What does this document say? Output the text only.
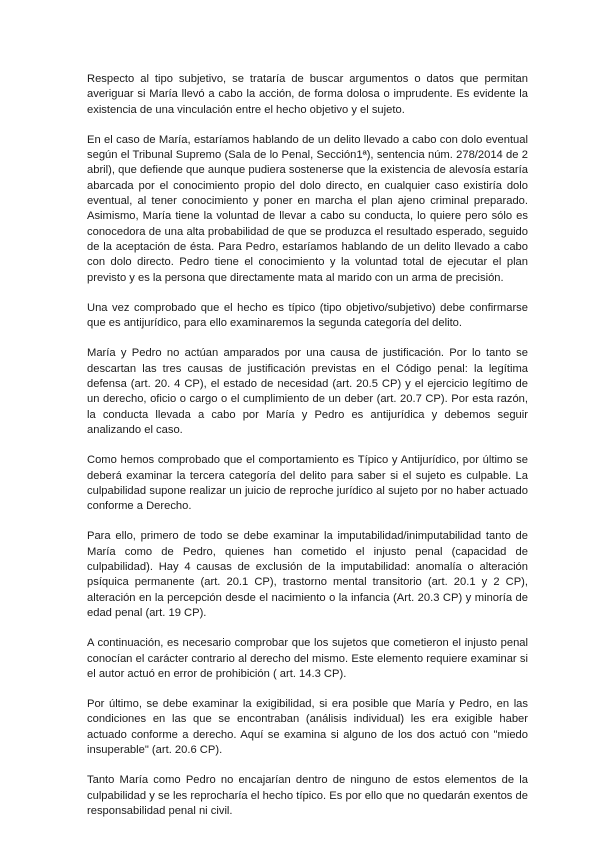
Respecto al tipo subjetivo, se trataría de buscar argumentos o datos que permitan averiguar si María llevó a cabo la acción, de forma dolosa o imprudente. Es evidente la existencia de una vinculación entre el hecho objetivo y el sujeto.

En el caso de María, estaríamos hablando de un delito llevado a cabo con dolo eventual según el Tribunal Supremo (Sala de lo Penal, Sección1ª), sentencia núm. 278/2014 de 2 abril), que defiende que aunque pudiera sostenerse que la existencia de alevosía estaría abarcada por el conocimiento propio del dolo directo, en cualquier caso existiría dolo eventual, al tener conocimiento y poner en marcha el plan ajeno criminal preparado. Asimismo, María tiene la voluntad de llevar a cabo su conducta, lo quiere pero sólo es conocedora de una alta probabilidad de que se produzca el resultado esperado, seguido de la aceptación de ésta. Para Pedro, estaríamos hablando de un delito llevado a cabo con dolo directo. Pedro tiene el conocimiento y la voluntad total de ejecutar el plan previsto y es la persona que directamente mata al marido con un arma de precisión.

Una vez comprobado que el hecho es típico (tipo objetivo/subjetivo) debe confirmarse que es antijurídico, para ello examinaremos la segunda categoría del delito.

María y Pedro no actúan amparados por una causa de justificación. Por lo tanto se descartan las tres causas de justificación previstas en el Código penal: la legítima defensa (art. 20. 4 CP), el estado de necesidad (art. 20.5 CP) y el ejercicio legítimo de un derecho, oficio o cargo o el cumplimiento de un deber (art. 20.7 CP). Por esta razón, la conducta llevada a cabo por María y Pedro es antijurídica y debemos seguir analizando el caso.

Como hemos comprobado que el comportamiento es Típico y Antijurídico, por último se deberá examinar la tercera categoría del delito para saber si el sujeto es culpable. La culpabilidad supone realizar un juicio de reproche jurídico al sujeto por no haber actuado conforme a Derecho.

Para ello, primero de todo se debe examinar la imputabilidad/inimputabilidad tanto de María como de Pedro, quienes han cometido el injusto penal (capacidad de culpabilidad). Hay 4 causas de exclusión de la imputabilidad: anomalía o alteración psíquica permanente (art. 20.1 CP), trastorno mental transitorio (art. 20.1 y 2 CP), alteración en la percepción desde el nacimiento o la infancia (Art. 20.3 CP) y minoría de edad penal (art. 19 CP).

A continuación, es necesario comprobar que los sujetos que cometieron el injusto penal conocían el carácter contrario al derecho del mismo. Este elemento requiere examinar si el autor actuó en error de prohibición ( art. 14.3 CP).

Por último, se debe examinar la exigibilidad, si era posible que María y Pedro, en las condiciones en las que se encontraban (análisis individual) les era exigible haber actuado conforme a derecho. Aquí se examina si alguno de los dos actuó con "miedo insuperable" (art. 20.6 CP).

Tanto María como Pedro no encajarían dentro de ninguno de estos elementos de la culpabilidad y se les reprocharía el hecho típico. Es por ello que no quedarán exentos de responsabilidad penal ni civil.
